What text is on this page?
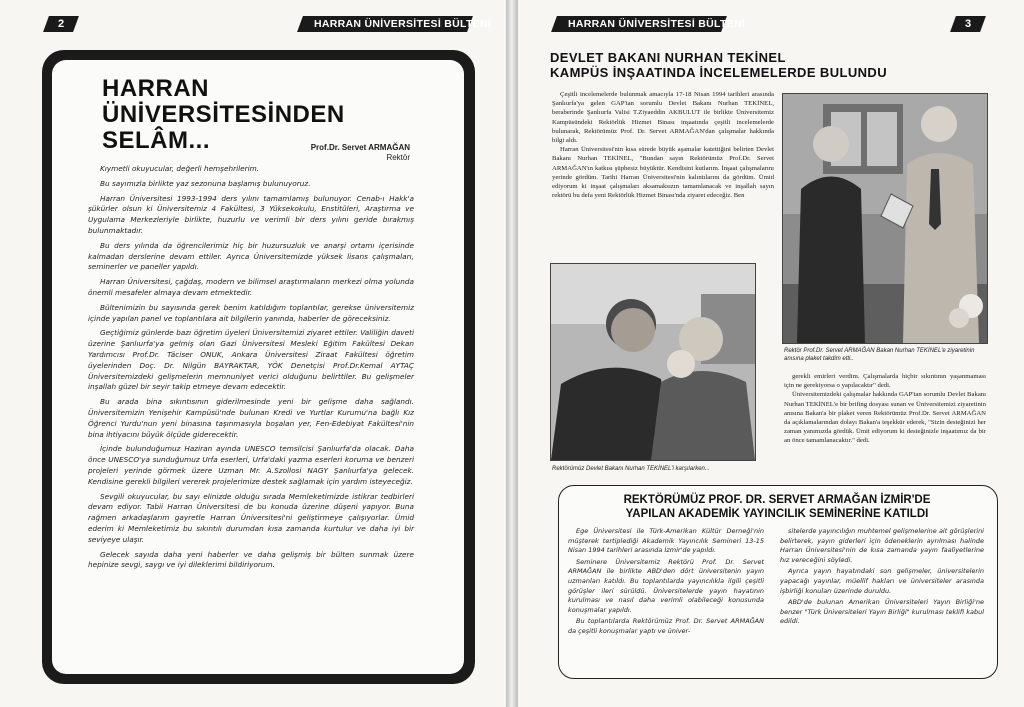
2	HARRAN ÜNİVERSİTESİ BÜLTENİ
HARRAN
ÜNİVERSİTESİNDEN
SELÂM...	Prof.Dr. Servet ARMAĞAN
Rektör

Kıymetli okuyucular, değerli hemşehrilerim.

Bu sayımızla birlikte yaz sezonuna başlamış bulunuyoruz.

Harran Üniversitesi 1993-1994 ders yılını tamamlamış bulunuyor. Cenab-ı Hakk'a şükürler olsun ki Üniversitemiz 4 Fakültesi, 3 Yüksekokulu, Enstitüleri, Araştırma ve Uygulama Merkezleriyle birlikte, huzurlu ve verimli bir ders yılını geride bırakmış bulunmaktadır.

Bu ders yılında da öğrencilerimiz hiç bir huzursuzluk ve anarşi ortamı içerisinde kalmadan derslerine devam ettiler. Ayrıca Üniversitemizde yüksek lisans çalışmaları, seminerler ve paneller yapıldı.

Harran Üniversitesi, çağdaş, modern ve bilimsel araştırmaların merkezi olma yolunda önemli mesafeler almaya devam etmektedir.

Bültenimizin bu sayısında gerek benim katıldığım toplantılar, gerekse üniversitemiz içinde yapılan panel ve toplantılara ait bilgilerin yanında, haberler de göreceksiniz.

Geçtiğimiz günlerde bazı öğretim üyeleri Üniversitemizi ziyaret ettiler. Valiliğin daveti üzerine Şanlıurfa'ya gelmiş olan Gazi Üniversitesi Mesleki Eğitim Fakültesi Dekan Yardımcısı Prof.Dr. Täciser ONUK, Ankara Üniversitesi Ziraat Fakültesi öğretim üyelerinden Doç. Dr. Nilgün BAYRAKTAR, YÖK Denetçisi Prof.Dr.Kemal AYTAÇ Üniversitemizdeki gelişmelerin memnuniyet verici olduğunu belirttiler. Bu gelişmeler inşallah güzel bir seyir takip etmeye devam edecektir.

Bu arada bina sıkıntısının giderilmesinde yeni bir gelişme daha sağlandı. Üniversitemizin Yenişehir Kampüsü'nde bulunan Kredi ve Yurtlar Kurumu'na bağlı Kız Öğrenci Yurdu'nun yeni binasına taşınmasıyla boşalan yer, Fen-Edebiyat Fakültesi'nin bina ihtiyacını büyük ölçüde giderecektir.

İçinde bulunduğumuz Haziran ayında UNESCO temsilcisi Şanlıurfa'da olacak. Daha önce UNESCO'ya sunduğumuz Urfa eserleri, Urfa'daki yazma eserleri koruma ve benzeri projeleri yerinde görmek üzere Uzman Mr. A.Szollosi NAGY Şanlıurfa'ya gelecek. Kendisine gerekli bilgileri vererek projelerimize destek sağlamak için yardım isteyeceğiz.

Sevgili okuyucular, bu sayı elinizde olduğu sırada Memleketimizde istikrar tedbirleri devam ediyor. Tabii Harran Üniversitesi de bu konuda üzerine düşeni yapıyor. Buna rağmen arkadaşlarım gayretle Harran Üniversitesi'ni geliştirmeye çalışıyorlar. Ümid ederim ki Memleketimiz bu sıkıntılı durumdan kısa zamanda kurtulur ve daha iyi bir seviyeye ulaşır.

Gelecek sayıda daha yeni haberler ve daha gelişmiş bir bülten sunmak üzere hepinize sevgi, saygı ve iyi dileklerimi bildiriyorum.

HARRAN ÜNİVERSİTESİ BÜLTENİ	3
DEVLET BAKANI NURHAN TEKİNEL
KAMPÜS İNŞAATINDA İNCELEMELERDE BULUNDU

Çeşitli incelemelerde bulunmak amacıyla 17-18 Nisan 1994 tarihleri arasında Şanlıurfa'ya gelen GAP'tan sorumlu Devlet Bakanı Nurhan TEKİNEL, beraberinde Şanlıurfa Valisi T.Ziyaeddin AKBULUT ile birlikte Üniversitemiz Kampüsündeki Rektörlük Hizmet Binası inşaatında çeşitli incelemelerde bulunarak, Rektörümüz Prof. Dr. Servet ARMAĞAN'dan çalışmalar hakkında bilgi aldı.

Harran Üniversitesi'nin kısa sürede büyük aşamalar katettiğini belirten Devlet Bakanı Nurhan TEKİNEL, "Bundan sayın Rektörümüz Prof.Dr. Servet ARMAĞAN'ın katkısı şüphesiz büyüktür. Kendisini kutlarım. İnşaat çalışmalarını yerinde gördüm. Tarihi Harran Üniversitesi'nin kalıntılarını da gördüm. Ümid ediyorum ki inşaat çalışmaları aksamaksızın tamamlanacak ve inşallah sayın rektörü bu defa yeni Rektörlük Hizmet Binası'nda ziyaret edeceğiz. Ben

Rektörümüz Devlet Bakanı Nurhan TEKİNEL'i karşılarken...
Rektör Prof.Dr. Servet ARMAĞAN Bakan Nurhan TEKİNEL'e ziyaretinin anısına plaket takdim etti..

gerekli emirleri verdim. Çalışmalarda hiçbir sıkıntının yaşanmaması için ne gerekiyorsa o yapılacaktır" dedi.

Üniversitemizdeki çalışmalar hakkında GAP'tan sorumlu Devlet Bakanı Nurhan TEKİNEL'e bir brifing dosyası sunan ve Üniversitemizi ziyaretinin anısına Bakan'a bir plaket veren Rektörümüz Prof.Dr. Servet ARMAĞAN da açıklamalarından dolayı Bakan'a teşekkür ederek, "Sizin desteğinizi her zaman yanımızda gördük. Ümit ediyorum ki desteğinizle inşaatımız da bir an önce tamamlanacaktır." dedi.

REKTÖRÜMÜZ PROF. DR. SERVET ARMAĞAN İZMİR'DE
YAPILAN AKADEMİK YAYINCILIK SEMİNERİNE KATILDI

Ege Üniversitesi ile Türk-Amerikan Kültür Derneği'nin müşterek tertiplediği Akademik Yayıncılık Semineri 13-15 Nisan 1994 tarihleri arasında İzmir'de yapıldı.

Seminere Üniversitemiz Rektörü Prof. Dr. Servet ARMAĞAN ile birlikte ABD'den dört üniversitenin yayın uzmanları katıldı. Bu toplantılarda yayıncılıkla ilgili çeşitli görüşler ileri sürüldü. Üniversitelerde yayın hayatının kurulması ve nasıl daha verimli olabileceği konusunda konuşmalar yapıldı.

Bu toplantılarda Rektörümüz Prof. Dr. Servet ARMAĞAN da çeşitli konuşmalar yaptı ve üniver-

sitelerde yayıncılığın muhtemel gelişmelerine ait görüşlerini belirterek, yayın giderleri için ödeneklerin ayrılması halinde Harran Üniversitesi'nin de kısa zamanda yayın faaliyetlerine hız vereceğini söyledi.

Ayrıca yayın hayatındaki son gelişmeler, üniversitelerin yapacağı yayınlar, müellif hakları ve üniversiteler arasında işbirliği konuları üzerinde duruldu.

ABD'de bulunan Amerikan Üniversiteleri Yayın Birliği'ne benzer "Türk Üniversiteleri Yayın Birliği" kurulması teklifi kabul edildi.
